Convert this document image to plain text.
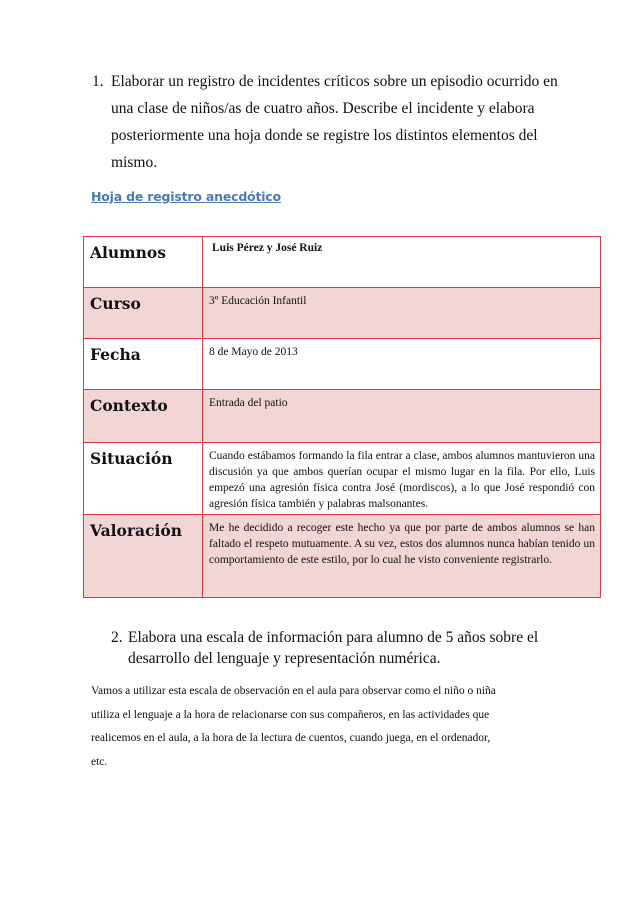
1. Elaborar un registro de incidentes críticos sobre un episodio ocurrido en
una clase de niños/as de cuatro años. Describe el incidente y elabora
posteriormente una hoja donde se registre los distintos elementos del
mismo.
Hoja de registro anecdótico
Alumnos	Luis Pérez y José Ruiz
Curso	3º Educación Infantil
Fecha	8 de Mayo de 2013
Contexto	Entrada del patio
Situación	Cuando estábamos formando la fila entrar a clase, ambos alumnos mantuvieron una discusión ya que ambos querían ocupar el mismo lugar en la fila. Por ello, Luis empezó una agresión física contra José (mordiscos), a lo que José respondió con agresión física también y palabras malsonantes.
Valoración	Me he decidido a recoger este hecho ya que por parte de ambos alumnos se han faltado el respeto mutuamente. A su vez, estos dos alumnos nunca habían tenido un comportamiento de este estilo, por lo cual he visto conveniente registrarlo.
2. Elabora una escala de información para alumno de 5 años sobre el
desarrollo del lenguaje y representación numérica.
Vamos a utilizar esta escala de observación en el aula para observar como el niño o niña
utiliza el lenguaje a la hora de relacionarse con sus compañeros, en las actividades que
realicemos en el aula, a la hora de la lectura de cuentos, cuando juega, en el ordenador,
etc.
